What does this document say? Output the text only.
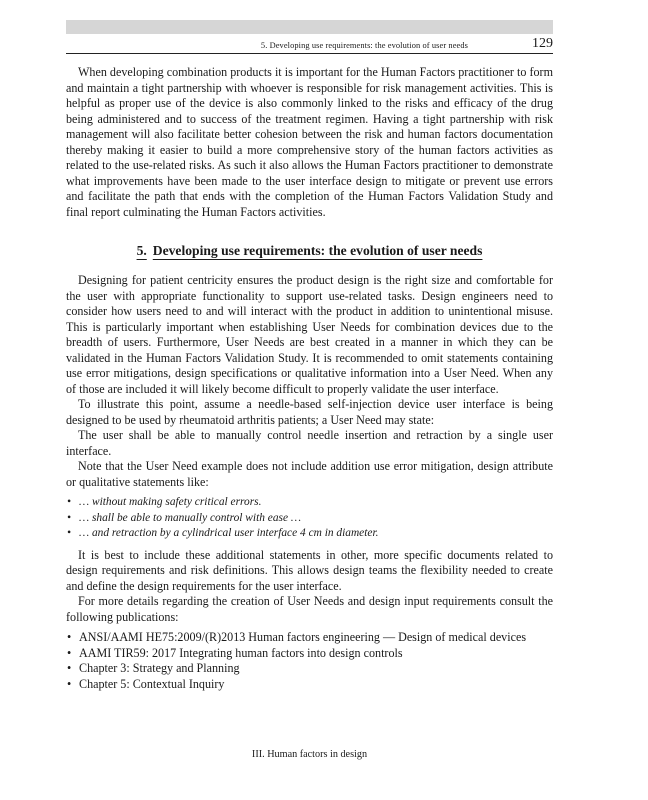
5. Developing use requirements: the evolution of user needs	129

When developing combination products it is important for the Human Factors practitioner to form and maintain a tight partnership with whoever is responsible for risk management activities. This is helpful as proper use of the device is also commonly linked to the risks and efficacy of the drug being administered and to success of the treatment regimen. Having a tight partnership with risk management will also facilitate better cohesion between the risk and human factors documentation thereby making it easier to build a more comprehensive story of the human factors activities as related to the use-related risks. As such it also allows the Human Factors practitioner to demonstrate what improvements have been made to the user interface design to mitigate or prevent use errors and facilitate the path that ends with the completion of the Human Factors Validation Study and final report culminating the Human Factors activities.

5. Developing use requirements: the evolution of user needs

Designing for patient centricity ensures the product design is the right size and comfortable for the user with appropriate functionality to support use-related tasks. Design engineers need to consider how users need to and will interact with the product in addition to unintentional misuse. This is particularly important when establishing User Needs for combination devices due to the breadth of users. Furthermore, User Needs are best created in a manner in which they can be validated in the Human Factors Validation Study. It is recommended to omit statements containing use error mitigations, design specifications or qualitative information into a User Need. When any of those are included it will likely become difficult to properly validate the user interface.

To illustrate this point, assume a needle-based self-injection device user interface is being designed to be used by rheumatoid arthritis patients; a User Need may state:

The user shall be able to manually control needle insertion and retraction by a single user interface.

Note that the User Need example does not include addition use error mitigation, design attribute or qualitative statements like:

• … without making safety critical errors.
• … shall be able to manually control with ease …
• … and retraction by a cylindrical user interface 4 cm in diameter.

It is best to include these additional statements in other, more specific documents related to design requirements and risk definitions. This allows design teams the flexibility needed to create and define the design requirements for the user interface.

For more details regarding the creation of User Needs and design input requirements consult the following publications:

• ANSI/AAMI HE75:2009/(R)2013 Human factors engineering — Design of medical devices
• AAMI TIR59: 2017 Integrating human factors into design controls
• Chapter 3: Strategy and Planning
• Chapter 5: Contextual Inquiry
III. Human factors in design
